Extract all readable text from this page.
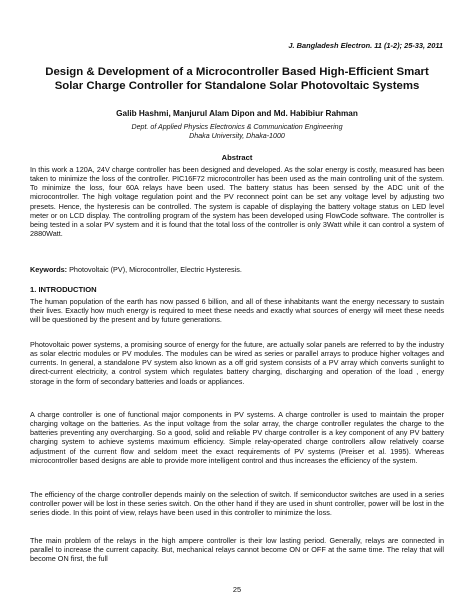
J. Bangladesh Electron. 11 (1-2); 25-33, 2011
Design & Development of a Microcontroller Based High-Efficient Smart Solar Charge Controller for Standalone Solar Photovoltaic Systems
Galib Hashmi, Manjurul Alam Dipon and Md. Habibiur Rahman
Dept. of Applied Physics Electronics & Communication Engineering
Dhaka University, Dhaka-1000
Abstract

In this work a 120A, 24V charge controller has been designed and developed. As the solar energy is costly, measured has been taken to minimize the loss of the controller. PIC16F72 microcontroller has been used as the main controlling unit of the system. To minimize the loss, four 60A relays have been used. The battery status has been sensed by the ADC unit of the microcontroller. The high voltage regulation point and the PV reconnect point can be set any voltage level by adjusting two presets. Hence, the hysteresis can be controlled. The system is capable of displaying the battery voltage status on LED level meter or on LCD display. The controlling program of the system has been developed using FlowCode software. The controller is being tested in a solar PV system and it is found that the total loss of the controller is only 3Watt while it can control a system of 2880Watt.

Keywords: Photovoltaic (PV), Microcontroller, Electric Hysteresis.

1. INTRODUCTION

The human population of the earth has now passed 6 billion, and all of these inhabitants want the energy necessary to sustain their lives. Exactly how much energy is required to meet these needs and exactly what sources of energy will meet these needs will be questioned by the present and by future generations.

Photovoltaic power systems, a promising source of energy for the future, are actually solar panels are referred to by the industry as solar electric modules or PV modules. The modules can be wired as series or parallel arrays to produce higher voltages and currents. In general, a standalone PV system also known as a off grid system consists of a PV array which converts sunlight to direct-current electricity, a control system which regulates battery charging, discharging and operation of the load , energy storage in the form of secondary batteries and loads or appliances.

A charge controller is one of functional major components in PV systems. A charge controller is used to maintain the proper charging voltage on the batteries. As the input voltage from the solar array, the charge controller regulates the charge to the batteries preventing any overcharging. So a good, solid and reliable PV charge controller is a key component of any PV battery charging system to achieve systems maximum efficiency. Simple relay-operated charge controllers allow relatively coarse adjustment of the current flow and seldom meet the exact requirements of PV systems (Preiser et al. 1995). Whereas microcontroller based designs are able to provide more intelligent control and thus increases the efficiency of the system.

The efficiency of the charge controller depends mainly on the selection of switch. If semiconductor switches are used in a series controller power will be lost in these series switch. On the other hand if they are used in shunt controller, power will be lost in the series diode. In this point of view, relays have been used in this controller to minimize the loss.

The main problem of the relays in the high ampere controller is their low lasting period. Generally, relays are connected in parallel to increase the current capacity. But, mechanical relays cannot become ON or OFF at the same time. The relay that will become ON first, the full

25
